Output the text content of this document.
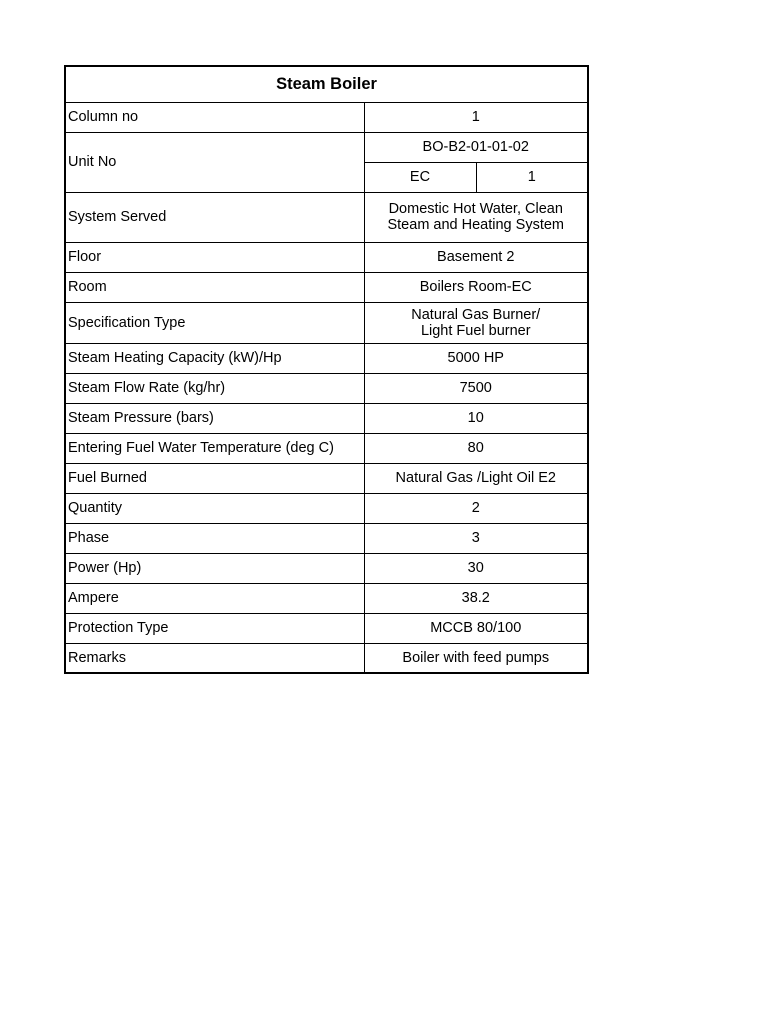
Steam Boiler		
Column no	1	
Unit No	BO-B2-01-01-02	
	EC	1
System Served	Domestic Hot Water, Clean
Steam and Heating System	

Floor	Basement 2	
Room	Boilers Room-EC	
Specification Type	Natural Gas Burner/
Light Fuel burner	

Steam Heating Capacity (kW)/Hp	5000 HP	
Steam Flow Rate (kg/hr)	7500	
Steam Pressure (bars)	10	
Entering Fuel Water Temperature (deg C)	80	
Fuel Burned	Natural Gas /Light Oil E2	
Quantity	2	
Phase	3	
Power (Hp)	30	
Ampere	38.2	
Protection Type	MCCB 80/100	
Remarks	Boiler with feed pumps	
